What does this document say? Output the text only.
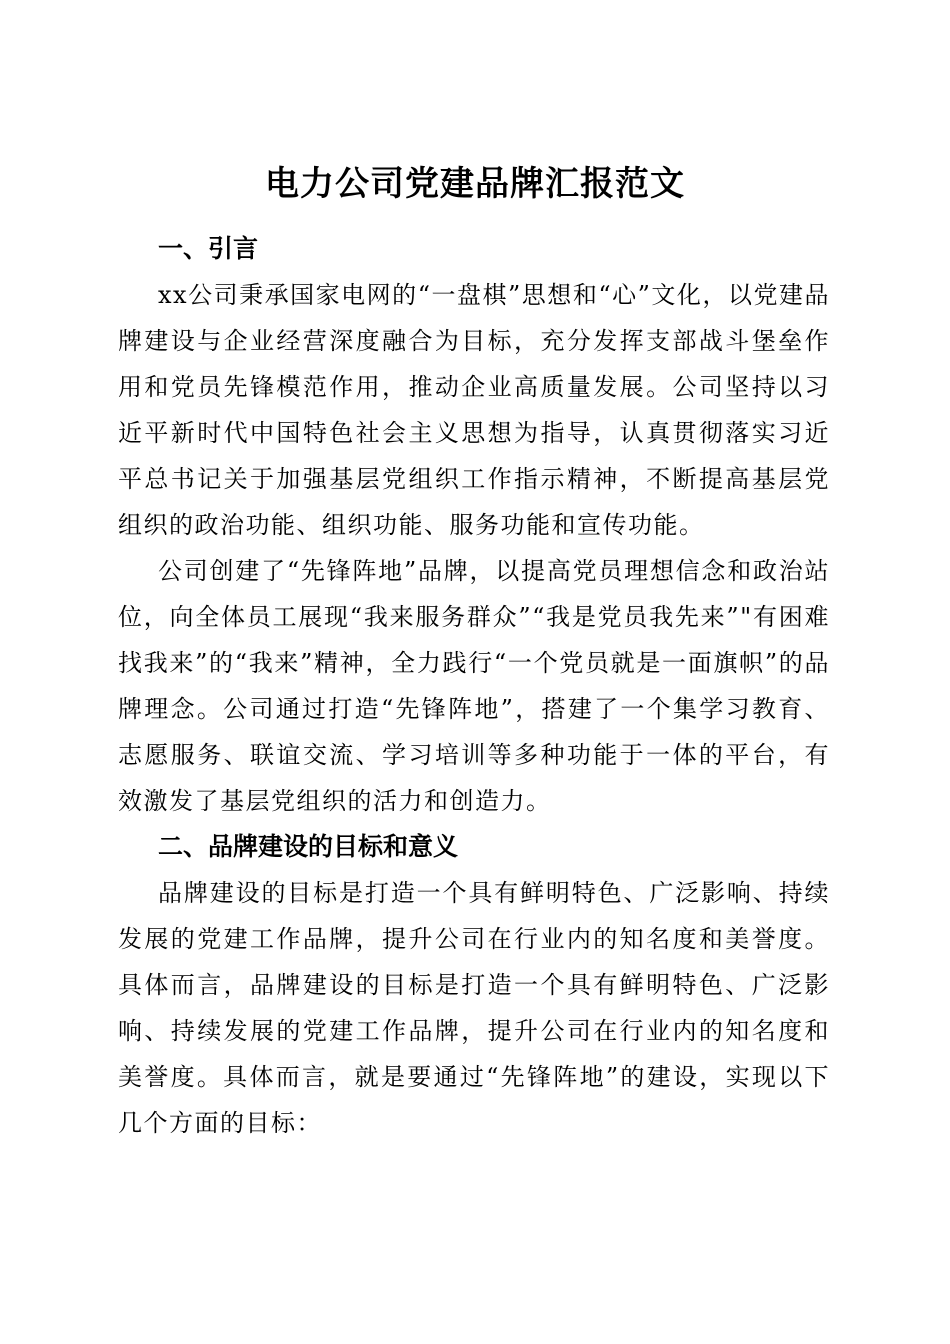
电力公司党建品牌汇报范文
一、引言

xx公司秉承国家电网的“一盘棋”思想和“心”文化，以党建品牌建设与企业经营深度融合为目标，充分发挥支部战斗堡垒作用和党员先锋模范作用，推动企业高质量发展。公司坚持以习近平新时代中国特色社会主义思想为指导，认真贯彻落实习近平总书记关于加强基层党组织工作指示精神，不断提高基层党组织的政治功能、组织功能、服务功能和宣传功能。

公司创建了“先锋阵地”品牌，以提高党员理想信念和政治站位，向全体员工展现“我来服务群众”“我是党员我先来”"有困难找我来”的“我来”精神，全力践行“一个党员就是一面旗帜”的品牌理念。公司通过打造“先锋阵地”，搭建了一个集学习教育、志愿服务、联谊交流、学习培训等多种功能于一体的平台，有效激发了基层党组织的活力和创造力。

二、品牌建设的目标和意义

品牌建设的目标是打造一个具有鲜明特色、广泛影响、持续发展的党建工作品牌，提升公司在行业内的知名度和美誉度。具体而言，品牌建设的目标是打造一个具有鲜明特色、广泛影响、持续发展的党建工作品牌，提升公司在行业内的知名度和美誉度。具体而言，就是要通过“先锋阵地”的建设，实现以下几个方面的目标：
